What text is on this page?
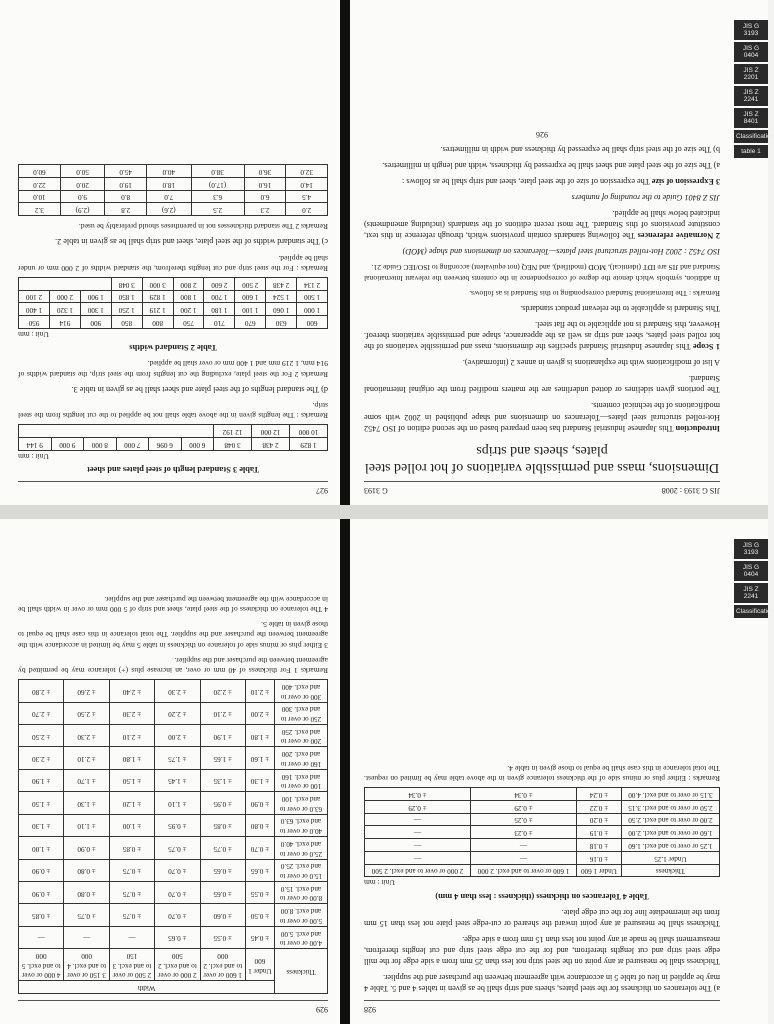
927
Table 3 Standard length of steel plates and sheet
Unit : mm
1 829	2 438	3 048	6 000	6 096	7 000	8 000	9 000	9 144
10 000	12 000	12 192						

Remarks : The lengths given in the above table shall not be applied to the cut lengths from the steel strip.

d) The standard lengths of the steel plate and sheet shall be as given in table 3.

Remarks 2 For the steel plate, excluding the cut lengths from the steel strip, the standard widths of 914 mm, 1 219 mm and 1 400 mm or over shall be applied.

Table 2 Standard widths
Unit : mm
600	630	670	710	750	800	850	900	914	950
1 000	1 060	1 100	1 180	1 200	1 219	1 250	1 300	1 320	1 400
1 500	1 524	1 600	1 700	1 800	1 829	1 850	1 900	2 000	2 100
2 134	2 438	2 500	2 600	2 800	3 000	3 048			

Remarks : For the steel strip and cut lengths therefrom, the standard widths of 2 000 mm or under shall be applied.

c) The standard widths of the steel plate, sheet and strip shall be as given in table 2.

Remarks 2 The standard thicknesses not in parentheses should preferably be used.

2.0	2.3	2.5	(2.6)	2.8	(2.9)	3.2
4.5	6.0	6.3	7.0	8.0	9.0	10.0
14.0	16.0	(17.0)	18.0	19.0	20.0	22.0
32.0	36.0	38.0	40.0	45.0	50.0	60.0
JIS G 3193 : 2008
G 3193
Dimensions, mass and permissible variations of hot rolled steel plates, sheets and strips

Introduction This Japanese Industrial Standard has been prepared based on the second edition of ISO 7452 Hot-rolled structural steel plates—Tolerances on dimensions and shape published in 2002 with some modifications of the technical contents.

The portions given sidelines or dotted underlines are the matters modified from the original International Standard.

A list of modifications with the explanations is given in annex 2 (informative).

1 Scope This Japanese Industrial Standard specifies the dimensions, mass and permissible variations of the hot rolled steel plates, sheet and strip as well as the appearance, shape and permissible variations thereof. However, this Standard is not applicable to the flat steel.

This Standard is applicable to the relevant product standards.

Remarks : The International Standard corresponding to this Standard is as follows.

In addition, symbols which denote the degree of correspondence in the contents between the relevant International Standard and JIS are IDT (identical), MOD (modified), and NEQ (not equivalent) according to ISO/IEC Guide 21.

ISO 7452 : 2002 Hot-rolled structural steel plates—Tolerances on dimensions and shape (MOD)

2 Normative references The following standards contain provisions which, through reference in this text, constitute provisions of this Standard. The most recent editions of the standards (including amendments) indicated below shall be applied.

JIS Z 8401 Guide to the rounding of numbers

3 Expression of size The expression of size of the steel plate, sheet and strip shall be as follows :

a) The size of the steel plate and sheet shall be expressed by thickness, width and length in millimetres.

b) The size of the steel strip shall be expressed by thickness and width in millimetres.

926
JIS G 3193
JIS G 0404
JIS Z 2201
JIS Z 2241
JIS Z 8401
Classification
table 1
929
Thickness	Width					
	Under 1 600	1 600 or over to and excl. 2 000	2 000 or over to and excl. 2 500	2 500 or over to and excl. 3 150	3 150 or over to and excl. 4 000	4 000 or over to and excl. 5 000
4.00 or over to and excl. 5.00	± 0.45	± 0.55	± 0.65	—	—	—
5.00 or over to and excl. 8.00	± 0.50	± 0.60	± 0.70	± 0.75	± 0.75	± 0.85
8.00 or over to and excl. 15.0	± 0.55	± 0.65	± 0.70	± 0.75	± 0.80	± 0.90
15.0 or over to and excl. 25.0	± 0.65	± 0.65	± 0.70	± 0.75	± 0.80	± 0.90
25.0 or over to and excl. 40.0	± 0.70	± 0.75	± 0.75	± 0.85	± 0.90	± 1.00
40.0 or over to and excl. 63.0	± 0.80	± 0.85	± 0.95	± 1.00	± 1.10	± 1.30
63.0 or over to and excl. 100	± 0.90	± 0.95	± 1.10	± 1.20	± 1.30	± 1.50
100 or over to and excl. 160	± 1.30	± 1.35	± 1.45	± 1.50	± 1.70	± 1.90
160 or over to and excl. 200	± 1.60	± 1.65	± 1.75	± 1.80	± 2.10	± 2.30
200 or over to and excl. 250	± 1.80	± 1.90	± 2.00	± 2.10	± 2.30	± 2.50
250 or over to and excl. 300	± 2.00	± 2.10	± 2.20	± 2.30	± 2.50	± 2.70
300 or over to and excl. 400	± 2.10	± 2.20	± 2.30	± 2.40	± 2.60	± 2.80

Remarks 1 For thickness of 40 mm or over, an increase plus (+) tolerance may be permitted by agreement between the purchaser and the supplier.

3 Either plus or minus side of tolerance on thickness in table 5 may be limited in accordance with the agreement between the purchaser and the supplier. The total tolerance in this case shall be equal to those given in table 5.

4 The tolerance on thickness of the steel plate, sheet and strip of 5 000 mm or over in width shall be in accordance with the agreement between the purchaser and the supplier.

928

a) The tolerances on thickness for the steel plates, sheets and strip shall be as given in tables 4 and 5. Table 4 may be applied in lieu of table 5 in accordance with agreement between the purchaser and the supplier.

Thickness shall be measured at any point on the steel strip not less than 25 mm from a side edge for the mill edge steel strip and cut lengths therefrom, and for the cut edge steel strip and cut lengths therefrom, measurement shall be made at any point not less than 15 mm from a side edge.

Thickness shall be measured at any point inward the sheared or cut-edge steel plate not less than 15 mm from the intermediate line for the cut edge plate.

Table 4 Tolerances on thickness (thickness : less than 4 mm)
Unit : mm
Thickness	Under 1 600	1 600 or over to and excl. 2 000	2 000 or over to and excl. 2 500
Under 1.25	± 0.16	—	—
1.25 or over to and excl. 1.60	± 0.18	—	—
1.60 or over to and excl. 2.00	± 0.19	± 0.23	—
2.00 or over to and excl. 2.50	± 0.20	± 0.25	—
2.50 or over to and excl. 3.15	± 0.22	± 0.29	± 0.29
3.15 or over to and excl. 4.00	± 0.24	± 0.34	± 0.34

Remarks : Either plus or minus side of the thickness tolerance given in the above table may be limited on request. The total tolerance in this case shall be equal to those given in table 4.

JIS G 3193
JIS G 0404
JIS Z 2241
Classification
